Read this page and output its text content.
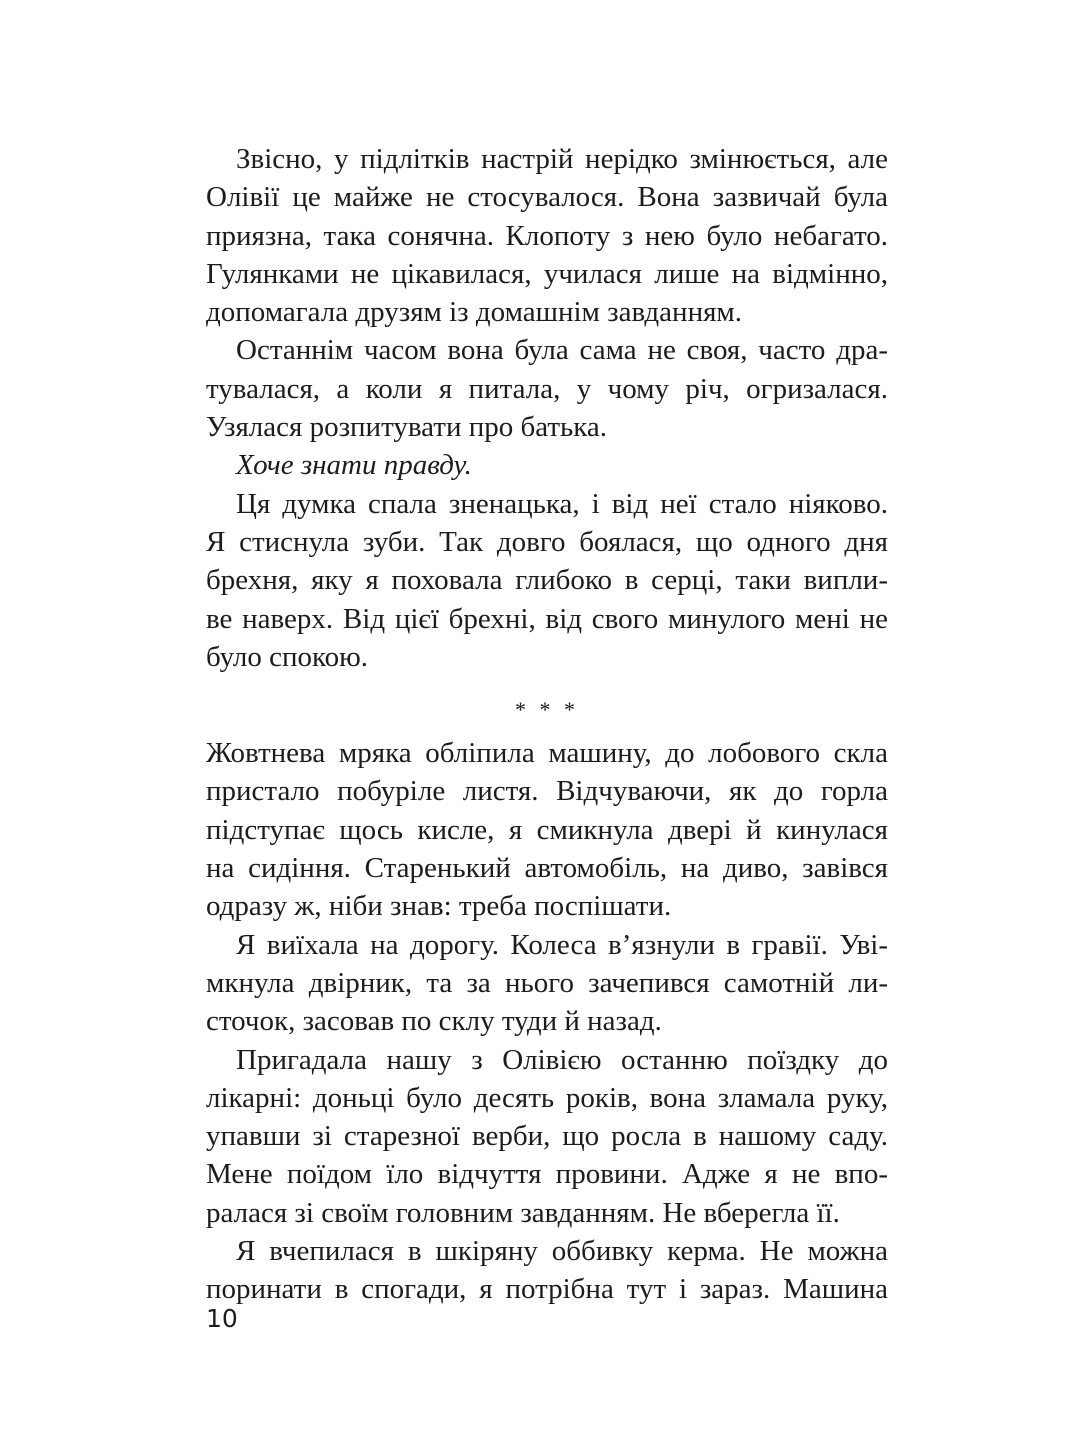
Звісно, у підлітків настрій нерідко змінюється, але
Олівії це майже не стосувалося. Вона зазвичай була
приязна, така сонячна. Клопоту з нею було небагато.
Гулянками не цікавилася, училася лише на відмінно,
допомагала друзям із домашнім завданням.
Останнім часом вона була сама не своя, часто дра-
тувалася, а коли я питала, у чому річ, огризалася.
Узялася розпитувати про батька.
Хоче знати правду.
Ця думка спала зненацька, і від неї стало ніяково.
Я стиснула зуби. Так довго боялася, що одного дня
брехня, яку я поховала глибоко в серці, таки випли-
ве наверх. Від цієї брехні, від свого минулого мені не
було спокою.
* * *
Жовтнева мряка обліпила машину, до лобового скла
пристало побуріле листя. Відчуваючи, як до горла
підступає щось кисле, я смикнула двері й кинулася
на сидіння. Старенький автомобіль, на диво, завівся
одразу ж, ніби знав: треба поспішати.
Я виїхала на дорогу. Колеса в’язнули в гравії. Уві-
мкнула двірник, та за нього зачепився самотній ли-
сточок, засовав по склу туди й назад.
Пригадала нашу з Олівією останню поїздку до
лікарні: доньці було десять років, вона зламала руку,
упавши зі старезної верби, що росла в нашому саду.
Мене поїдом їло відчуття провини. Адже я не впо-
ралася зі своїм головним завданням. Не вберегла її.
Я вчепилася в шкіряну оббивку керма. Не можна
поринати в спогади, я потрібна тут і зараз. Машина
10
